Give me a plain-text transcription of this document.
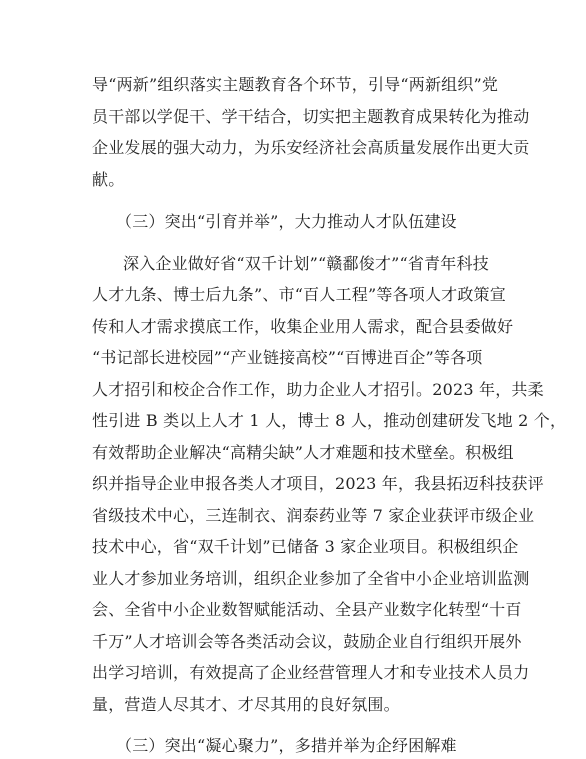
导“两新”组织落实主题教育各个环节，引导“两新组织”党
员干部以学促干、学干结合，切实把主题教育成果转化为推动
企业发展的强大动力，为乐安经济社会高质量发展作出更大贡
献。
（三）突出“引育并举”，大力推动人才队伍建设
深入企业做好省“双千计划”“赣鄱俊才”“省青年科技
人才九条、博士后九条”、市“百人工程”等各项人才政策宣
传和人才需求摸底工作，收集企业用人需求，配合县委做好
“书记部长进校园”“产业链接高校”“百博进百企”等各项
人才招引和校企合作工作，助力企业人才招引。2023 年，共柔
性引进 B 类以上人才 1 人，博士 8 人，推动创建研发飞地 2 个，
有效帮助企业解决“高精尖缺”人才难题和技术壁垒。积极组
织并指导企业申报各类人才项目，2023 年，我县拓迈科技获评
省级技术中心，三连制衣、润泰药业等 7 家企业获评市级企业
技术中心，省“双千计划”已储备 3 家企业项目。积极组织企
业人才参加业务培训，组织企业参加了全省中小企业培训监测
会、全省中小企业数智赋能活动、全县产业数字化转型“十百
千万”人才培训会等各类活动会议，鼓励企业自行组织开展外
出学习培训，有效提高了企业经营管理人才和专业技术人员力
量，营造人尽其才、才尽其用的良好氛围。
（三）突出“凝心聚力”，多措并举为企纾困解难
